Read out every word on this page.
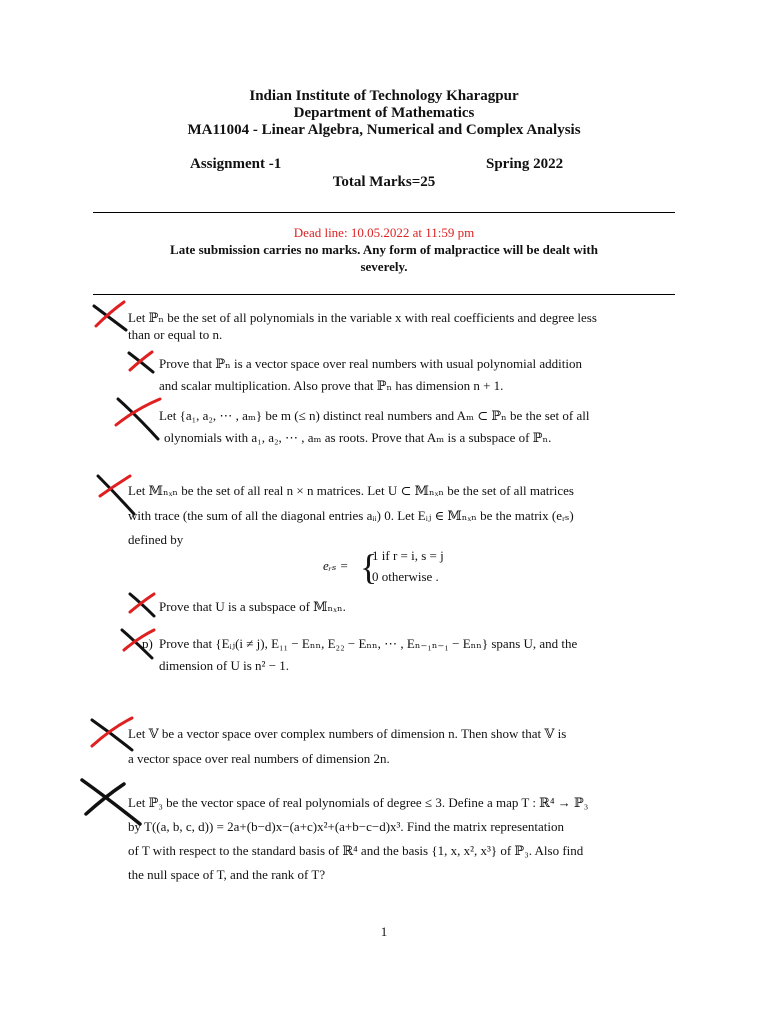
Indian Institute of Technology Kharagpur
Department of Mathematics
MA11004 - Linear Algebra, Numerical and Complex Analysis
Assignment -1	Spring 2022
Total Marks=25
Dead line: 10.05.2022 at 11:59 pm
Late submission carries no marks. Any form of malpractice will be dealt with
severely.
Let ℙₙ be the set of all polynomials in the variable x with real coefficients and degree less
than or equal to n.
Prove that ℙₙ is a vector space over real numbers with usual polynomial addition
and scalar multiplication. Also prove that ℙₙ has dimension n + 1.
Let {a₁, a₂, ⋯ , aₘ} be m (≤ n) distinct real numbers and Aₘ ⊂ ℙₙ be the set of all
olynomials with a₁, a₂, ⋯ , aₘ as roots. Prove that Aₘ is a subspace of ℙₙ.
Let 𝕄ₙₓₙ be the set of all real n × n matrices. Let U ⊂ 𝕄ₙₓₙ be the set of all matrices
with trace (the sum of all the diagonal entries aᵢᵢ) 0. Let Eᵢⱼ ∈ 𝕄ₙₓₙ be the matrix (eᵣₛ)
defined by
eᵣₛ = {
1 if r = i, s = j
0 otherwise .
Prove that U is a subspace of 𝕄ₙₓₙ.
p) Prove that {Eᵢⱼ(i ≠ j), E₁₁ − Eₙₙ, E₂₂ − Eₙₙ, ⋯ , Eₙ₋₁ₙ₋₁ − Eₙₙ} spans U, and the
dimension of U is n² − 1.
Let 𝕍 be a vector space over complex numbers of dimension n. Then show that 𝕍 is
a vector space over real numbers of dimension 2n.
Let ℙ₃ be the vector space of real polynomials of degree ≤ 3. Define a map T : ℝ⁴ → ℙ₃
by T((a, b, c, d)) = 2a+(b−d)x−(a+c)x²+(a+b−c−d)x³. Find the matrix representation
of T with respect to the standard basis of ℝ⁴ and the basis {1, x, x², x³} of ℙ₃. Also find
the null space of T, and the rank of T?
1
